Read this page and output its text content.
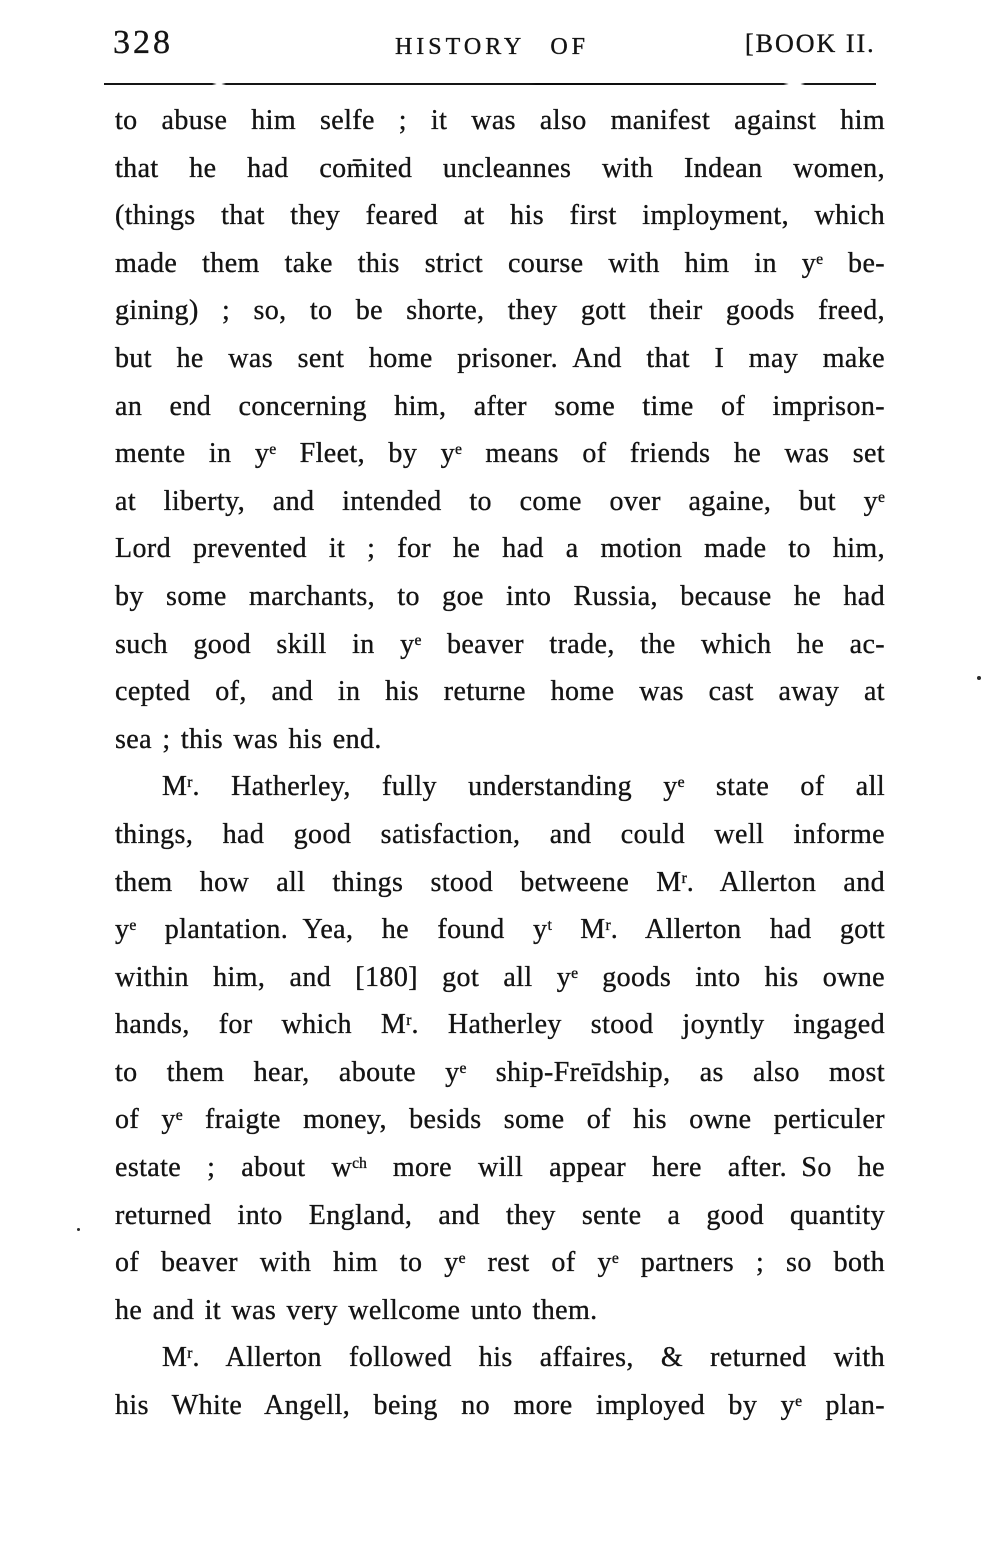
328	HISTORY OF	[BOOK II.
to abuse him selfe ; it was also manifest against him
that he had com̄ited uncleannes with Indean women,
(things that they feared at his first imployment, which
made them take this strict course with him in $y^e$ be-
gining) ; so, to be shorte, they gott their goods freed,
but he was sent home prisoner. And that I may make
an end concerning him, after some time of imprison-
mente in $y^e$ Fleet, by $y^e$ means of friends he was set
at liberty, and intended to come over againe, but $y^e$
Lord prevented it ; for he had a motion made to him,
by some marchants, to goe into Russia, because he had
such good skill in $y^e$ beaver trade, the which he ac-
cepted of, and in his returne home was cast away at
sea ; this was his end.
$M^r$. Hatherley, fully understanding $y^e$ state of all
things, had good satisfaction, and could well informe
them how all things stood betweene $M^r$. Allerton and
$y^e$ plantation. Yea, he found $y^t$ $M^r$. Allerton had gott
within him, and [180] got all $y^e$ goods into his owne
hands, for which $M^r$. Hatherley stood joyntly ingaged
to them hear, aboute $y^e$ ship-Freīdship, as also most
of $y^e$ fraigte money, besids some of his owne perticuler
estate ; about $w^{ch}$ more will appear here after. So he
returned into England, and they sente a good quantity
of beaver with him to $y^e$ rest of $y^e$ partners ; so both
he and it was very wellcome unto them.
$M^r$. Allerton followed his affaires, & returned with
his White Angell, being no more imployed by $y^e$ plan-
